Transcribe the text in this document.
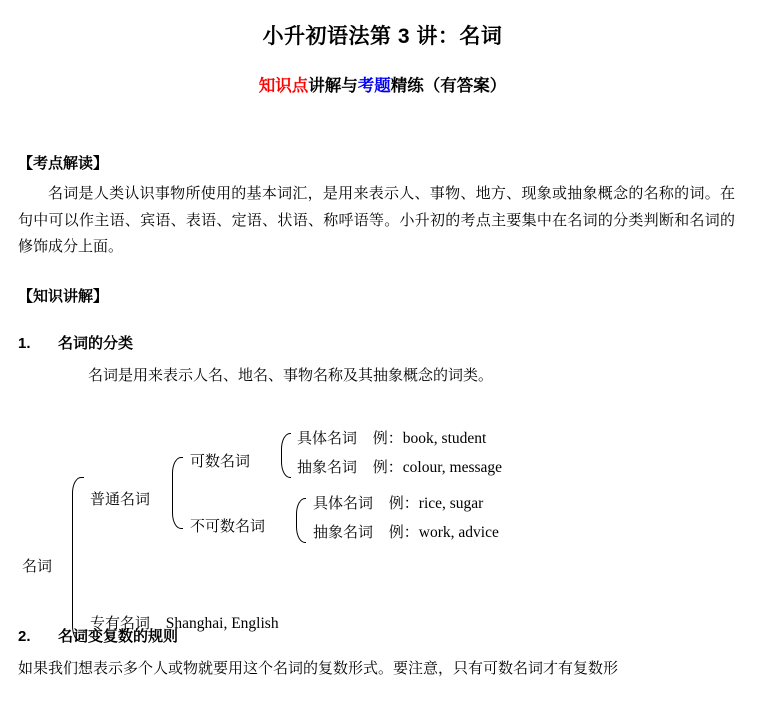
小升初语法第 3 讲：名词
知识点讲解与考题精练（有答案）
【考点解读】

名词是人类认识事物所使用的基本词汇，是用来表示人、事物、地方、现象或抽象概念的名称的词。在句中可以作主语、宾语、表语、定语、状语、称呼语等。小升初的考点主要集中在名词的分类判断和名词的修饰成分上面。

【知识讲解】
1.	名词的分类
名词是用来表示人名、地名、事物名称及其抽象概念的词类。
名词
普通名词
可数名词
不可数名词
具体名词 例：book, student
抽象名词 例：colour, message
具体名词 例：rice, sugar
抽象名词 例：work, advice
专有名词 Shanghai, English
2.	名词变复数的规则
如果我们想表示多个人或物就要用这个名词的复数形式。要注意，只有可数名词才有复数形
